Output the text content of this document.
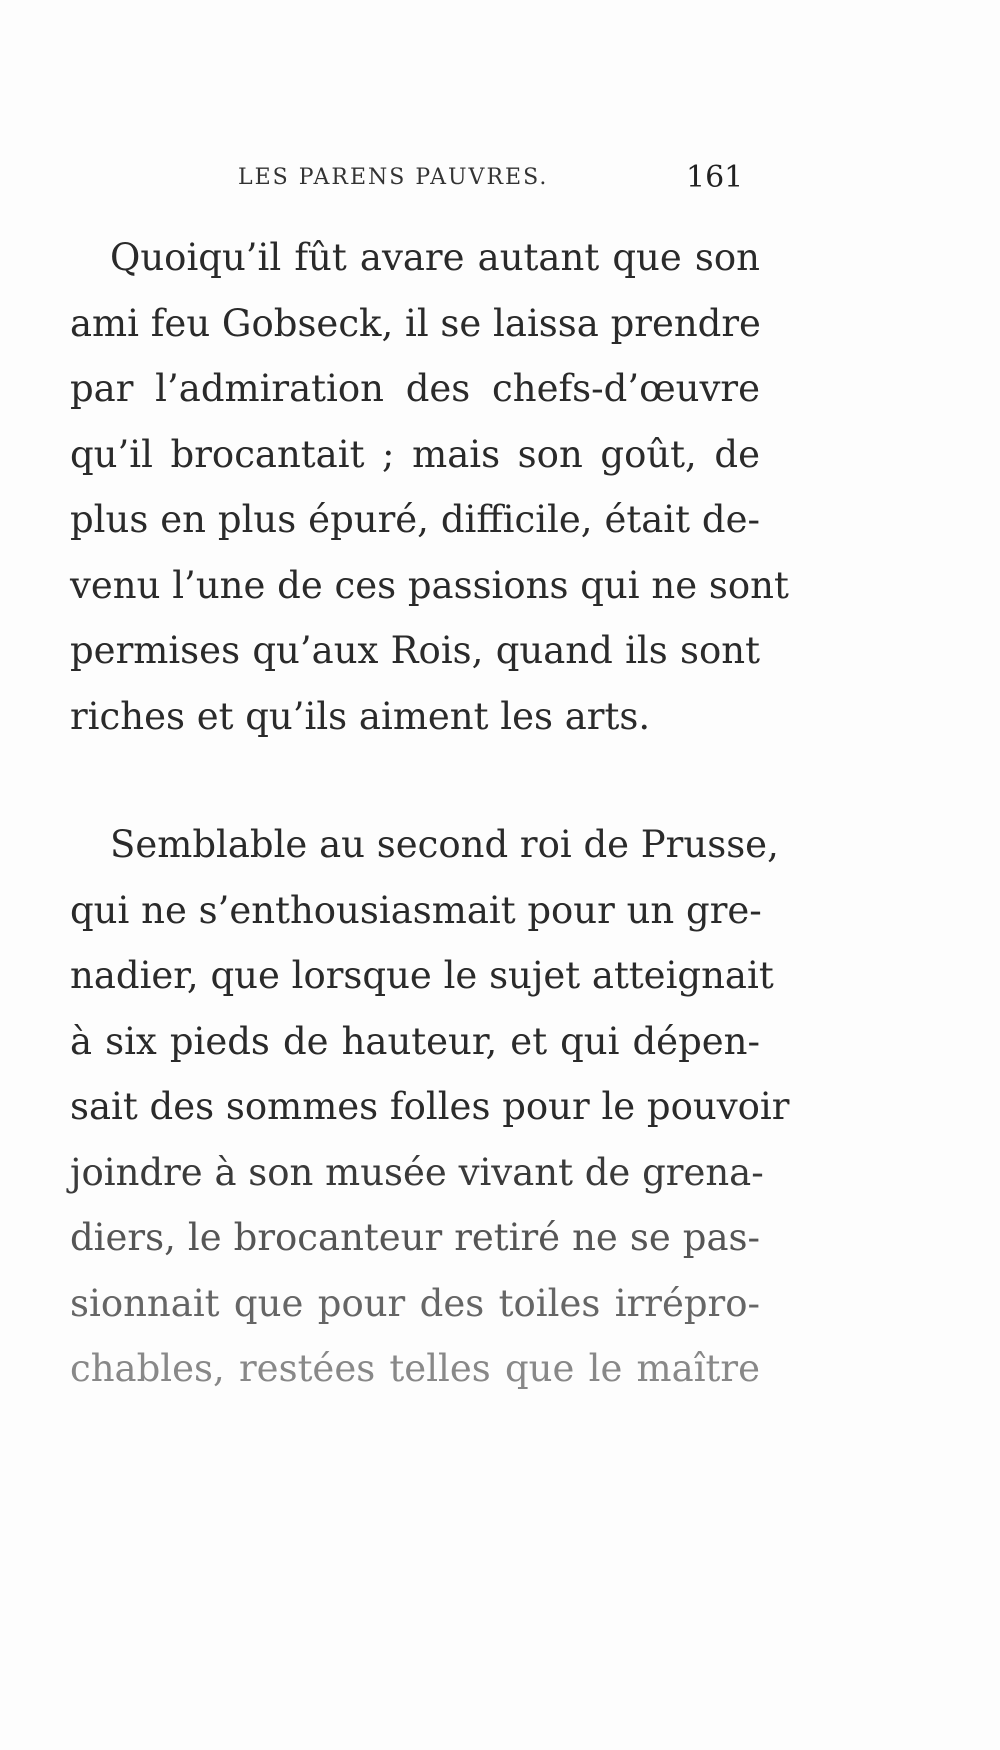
LES PARENS PAUVRES.	161
Quoiqu’il fût avare autant que son
ami feu Gobseck, il se laissa prendre
par l’admiration des chefs-d’œuvre
qu’il brocantait ; mais son goût, de
plus en plus épuré, difficile, était de-
venu l’une de ces passions qui ne sont
permises qu’aux Rois, quand ils sont
riches et qu’ils aiment les arts.
Semblable au second roi de Prusse,
qui ne s’enthousiasmait pour un gre-
nadier, que lorsque le sujet atteignait
à six pieds de hauteur, et qui dépen-
sait des sommes folles pour le pouvoir
joindre à son musée vivant de grena-
diers, le brocanteur retiré ne se pas-
sionnait que pour des toiles irrépro-
chables, restées telles que le maître
